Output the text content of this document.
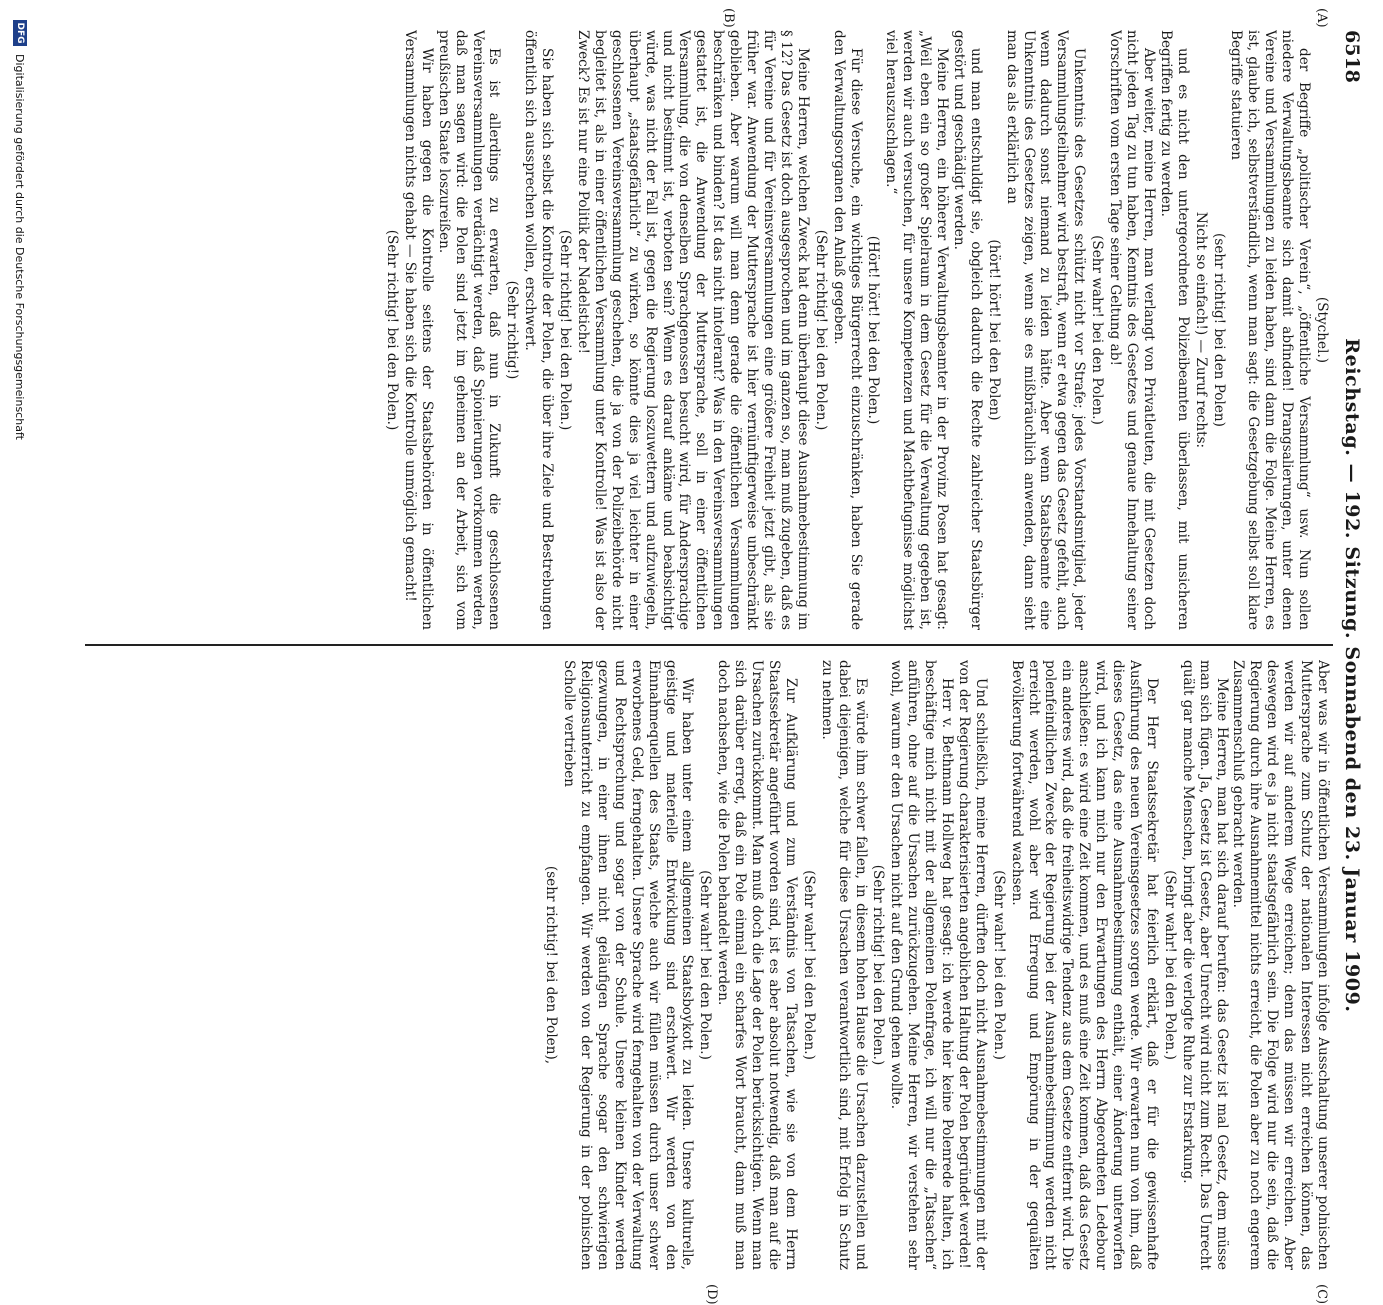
6518
Reichstag. — 192. Sitzung. Sonnabend den 23. Januar 1909.
(A)
(B)
(C)
(D)

(Stychel.)

der Begriffe „politischer Verein“, „öffentliche Versammlung“ usw. Nun sollen niedere Verwaltungsbeamte sich damit abfinden! Drangsalierungen, unter denen Vereine und Versammlungen zu leiden haben, sind dann die Folge. Meine Herren, es ist, glaube ich, selbstverständlich, wenn man sagt: die Gesetzgebung selbst soll klare Begriffe statuieren

(sehr richtig! bei den Polen)

Nicht so einfach!) — Zuruf rechts:

und es nicht den untergeordneten Polizeibeamten überlassen, mit unsicheren Begriffen fertig zu werden.

Aber weiter, meine Herren, man verlangt von Privatleuten, die mit Gesetzen doch nicht jeden Tag zu tun haben, Kenntnis des Gesetzes und genaue Innehaltung seiner Vorschriften vom ersten Tage seiner Geltung ab!

(Sehr wahr! bei den Polen.)

Unkenntnis des Gesetzes schützt nicht vor Strafe; jedes Vorstandsmitglied, jeder Versammlungsteilnehmer wird bestraft, wenn er etwa gegen das Gesetz gefehlt, auch wenn dadurch sonst niemand zu leiden hätte. Aber wenn Staatsbeamte eine Unkenntnis des Gesetzes zeigen, wenn sie es mißbräuchlich anwenden, dann sieht man das als erklärlich an

(hört! hört! bei den Polen)

und man entschuldigt sie, obgleich dadurch die Rechte zahlreicher Staatsbürger gestört und geschädigt werden.

Meine Herren, ein höherer Verwaltungsbeamter in der Provinz Posen hat gesagt: „Weil eben ein so großer Spielraum in dem Gesetz für die Verwaltung gegeben ist, werden wir auch versuchen, für unsere Kompetenzen und Machtbefugnisse möglichst viel herauszuschlagen.“

(Hört! hört! bei den Polen.)

Für diese Versuche, ein wichtiges Bürgerrecht einzuschränken, haben Sie gerade den Verwaltungsorganen den Anlaß gegeben.

(Sehr richtig! bei den Polen.)

Meine Herren, welchen Zweck hat denn überhaupt diese Ausnahmebestimmung im § 12? Das Gesetz ist doch ausgesprochen und im ganzen so, man muß zugeben, daß es für Vereine und für Vereinsversammlungen eine größere Freiheit jetzt gibt, als sie früher war. Anwendung der Muttersprache ist hier vernünftigerweise unbeschränkt geblieben. Aber warum will man denn gerade die öffentlichen Versammlungen beschränken und binden? Ist das nicht intolerant? Was in den Vereinsversammlungen gestattet ist, die Anwendung der Muttersprache, soll in einer öffentlichen Versammlung, die von denselben Sprachgenossen besucht wird, für Andersprachige und nicht bestimmt ist, verboten sein? Wenn es darauf ankäme und beabsichtigt würde, was nicht der Fall ist, gegen die Regierung loszuwettern und aufzuwiegeln, überhaupt „staatsgefährlich“ zu wirken, so könnte dies ja viel leichter in einer geschlossenen Vereinsversammlung geschehen, die ja von der Polizeibehörde nicht begleitet ist, als in einer öffentlichen Versammlung unter Kontrolle! Was ist also der Zweck? Es ist nur eine Politik der Nadelstiche!

(Sehr richtig! bei den Polen.)

Sie haben sich selbst die Kontrolle der Polen, die über ihre Ziele und Bestrebungen öffentlich sich aussprechen wollen, erschwert.

(Sehr richtig!)

Es ist allerdings zu erwarten, daß nun in Zukunft die geschlossenen Vereinsversammlungen verdächtigt werden, daß Spionierungen vorkommen werden, daß man sagen wird: die Polen sind jetzt im geheimen an der Arbeit, sich vom preußischen Staate loszureißen.

Wir haben gegen die Kontrolle seitens der Staatsbehörden in öffentlichen Versammlungen nichts gehabt — Sie haben sich die Kontrolle unmöglich gemacht!

(Sehr richtig! bei den Polen.)

Aber was wir in öffentlichen Versammlungen infolge Ausschaltung unserer polnischen Muttersprache zum Schutz der nationalen Interessen nicht erreichen können, das werden wir auf anderem Wege erreichen; denn das müssen wir erreichen. Aber deswegen wird es ja nicht staatsgefährlich sein. Die Folge wird nur die sein, daß die Regierung durch ihre Ausnahmemittel nichts erreicht, die Polen aber zu noch engerem Zusammenschluß gebracht werden.

Meine Herren, man hat sich darauf berufen: das Gesetz ist mal Gesetz, dem müsse man sich fügen. Ja, Gesetz ist Gesetz, aber Unrecht wird nicht zum Recht. Das Unrecht quält gar manche Menschen, bringt aber die verlogte Ruhe zur Erstarkung.

(Sehr wahr! bei den Polen.)

Der Herr Staatssekretär hat feierlich erklärt, daß er für die gewissenhafte Ausführung des neuen Vereinsgesetzes sorgen werde. Wir erwarten nun von ihm, daß dieses Gesetz, das eine Ausnahmebestimmung enthält, einer Änderung unterworfen wird, und ich kann mich nur den Erwartungen des Herrn Abgeordneten Ledebour anschließen: es wird eine Zeit kommen, und es muß eine Zeit kommen, daß das Gesetz ein anderes wird, daß die freiheitswidrige Tendenz aus dem Gesetze entfernt wird. Die polenfeindlichen Zwecke der Regierung bei der Ausnahmebestimmung werden nicht erreicht werden, wohl aber wird Erregung und Empörung in der gequälten Bevölkerung fortwährend wachsen.

(Sehr wahr! bei den Polen.)

Und schließlich, meine Herren, dürften doch nicht Ausnahmebestimmungen mit der von der Regierung charakterisierten angeblichen Haltung der Polen begründet werden!

Herr v. Bethmann Hollweg hat gesagt: ich werde hier keine Polenrede halten, ich beschäftige mich nicht mit der allgemeinen Polenfrage, ich will nur die „Tatsachen“ anführen, ohne auf die Ursachen zurückzugehen. Meine Herren, wir verstehen sehr wohl, warum er den Ursachen nicht auf den Grund gehen wollte.

(Sehr richtig! bei den Polen.)

Es würde ihm schwer fallen, in diesem hohen Hause die Ursachen darzustellen und dabei diejenigen, welche für diese Ursachen verantwortlich sind, mit Erfolg in Schutz zu nehmen.

(Sehr wahr! bei den Polen.)

Zur Aufklärung und zum Verständnis von Tatsachen, wie sie von dem Herrn Staatssekretär angeführt worden sind, ist es aber absolut notwendig, daß man auf die Ursachen zurückkommt. Man muß doch die Lage der Polen berücksichtigen. Wenn man sich darüber erregt, daß ein Pole einmal ein scharfes Wort braucht, dann muß man doch nachsehen, wie die Polen behandelt werden.

(Sehr wahr! bei den Polen.)

Wir haben unter einem allgemeinen Staatsboykott zu leiden. Unsere kulturelle, geistige und materielle Entwicklung sind erschwert. Wir werden von den Einnahmequellen des Staats, welche auch wir füllen müssen durch unser schwer erworbenes Geld, ferngehalten. Unsere Sprache wird ferngehalten von der Verwaltung und Rechtsprechung und sogar von der Schule. Unsere kleinen Kinder werden gezwungen, in einer ihnen nicht geläufigen Sprache sogar den schwierigen Religionsunterricht zu empfangen. Wir werden von der Regierung in der polnischen Scholle vertrieben

(sehr richtig! bei den Polen),

DFG
Digitalisierung gefördert durch die Deutsche Forschungsgemeinschaft
